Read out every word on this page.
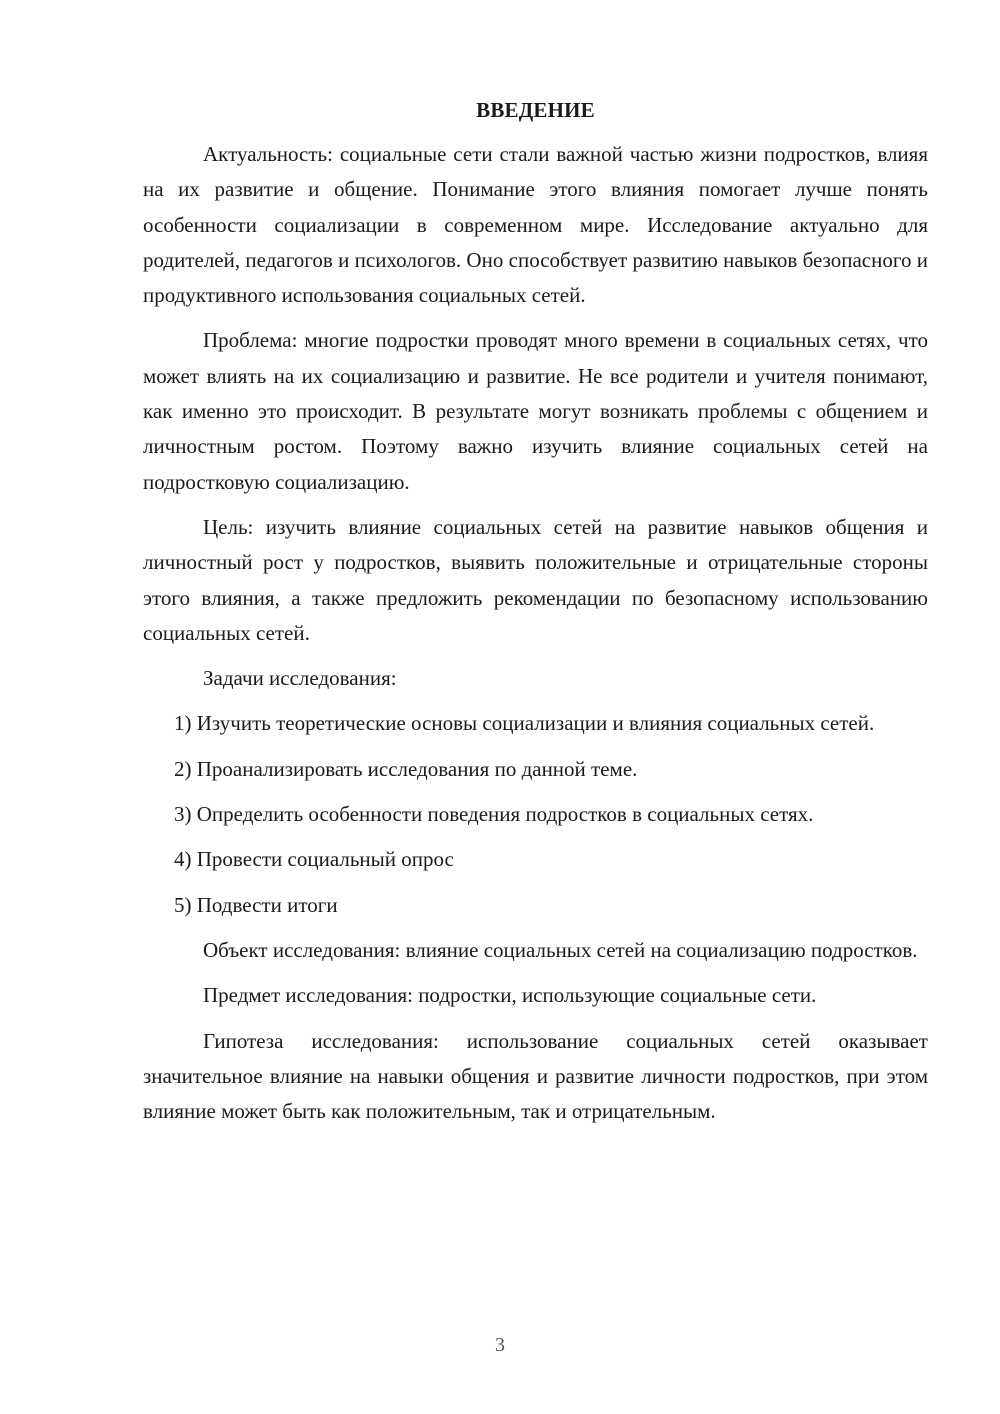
ВВЕДЕНИЕ

Актуальность: социальные сети стали важной частью жизни подростков, влияя на их развитие и общение. Понимание этого влияния помогает лучше понять особенности социализации в современном мире. Исследование актуально для родителей, педагогов и психологов. Оно способствует развитию навыков безопасного и продуктивного использования социальных сетей.

Проблема: многие подростки проводят много времени в социальных сетях, что может влиять на их социализацию и развитие. Не все родители и учителя понимают, как именно это происходит. В результате могут возникать проблемы с общением и личностным ростом. Поэтому важно изучить влияние социальных сетей на подростковую социализацию.

Цель: изучить влияние социальных сетей на развитие навыков общения и личностный рост у подростков, выявить положительные и отрицательные стороны этого влияния, а также предложить рекомендации по безопасному использованию социальных сетей.

Задачи исследования:

1) Изучить теоретические основы социализации и влияния социальных сетей.

2) Проанализировать исследования по данной теме.

3) Определить особенности поведения подростков в социальных сетях.

4) Провести социальный опрос

5) Подвести итоги

Объект исследования: влияние социальных сетей на социализацию подростков.

Предмет исследования: подростки, использующие социальные сети.

Гипотеза исследования: использование социальных сетей оказывает значительное влияние на навыки общения и развитие личности подростков, при этом влияние может быть как положительным, так и отрицательным.

3
